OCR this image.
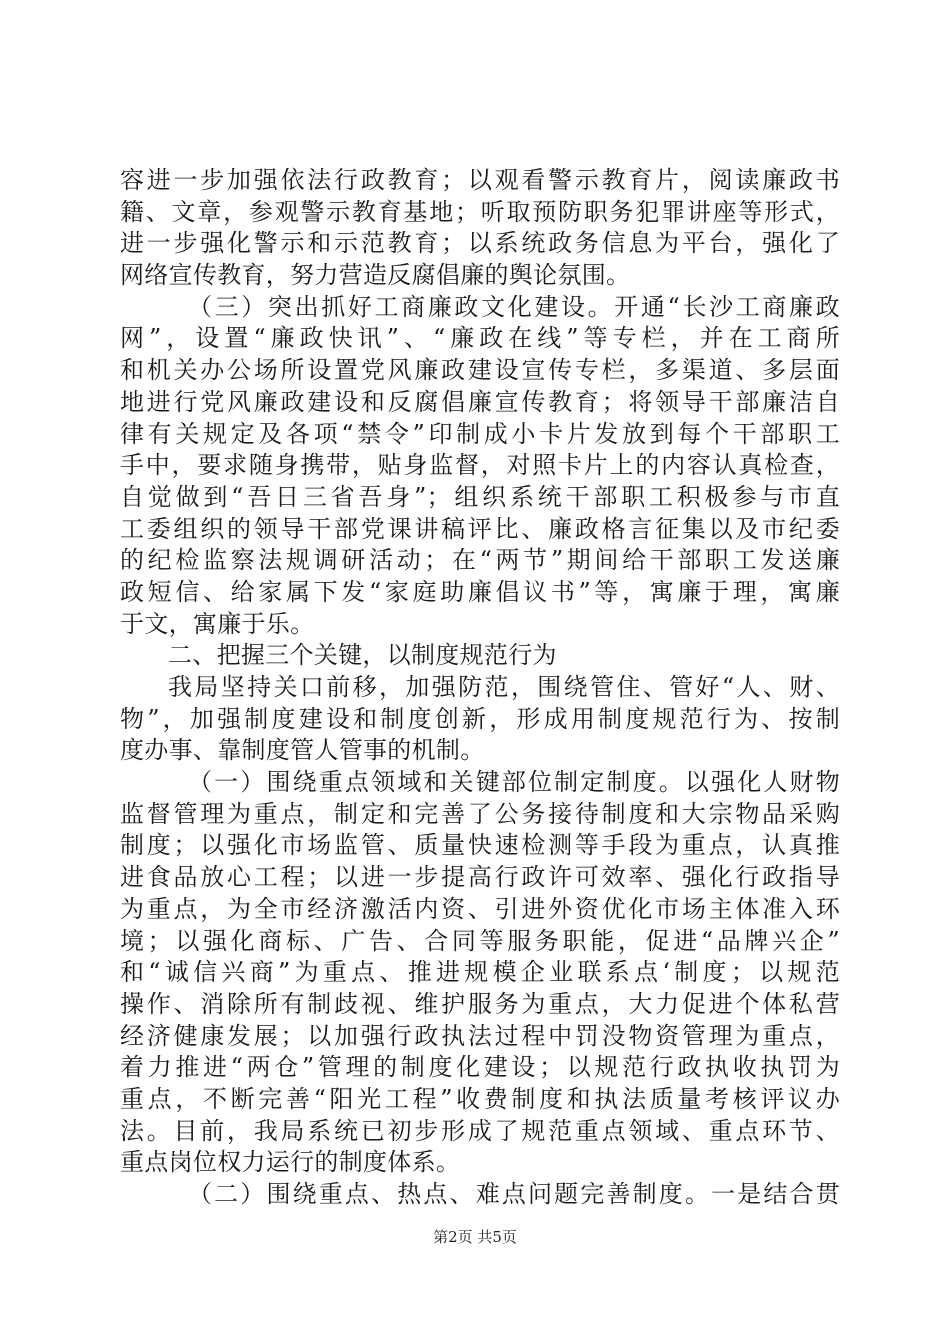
容进一步加强依法行政教育；以观看警示教育片，阅读廉政书
籍、文章，参观警示教育基地；听取预防职务犯罪讲座等形式，
进一步强化警示和示范教育；以系统政务信息为平台，强化了
网络宣传教育，努力营造反腐倡廉的舆论氛围。
（三）突出抓好工商廉政文化建设。开通“长沙工商廉政
网”，设置“廉政快讯”、“廉政在线”等专栏，并在工商所
和机关办公场所设置党风廉政建设宣传专栏，多渠道、多层面
地进行党风廉政建设和反腐倡廉宣传教育；将领导干部廉洁自
律有关规定及各项“禁令”印制成小卡片发放到每个干部职工
手中，要求随身携带，贴身监督，对照卡片上的内容认真检查，
自觉做到“吾日三省吾身”；组织系统干部职工积极参与市直
工委组织的领导干部党课讲稿评比、廉政格言征集以及市纪委
的纪检监察法规调研活动；在“两节”期间给干部职工发送廉
政短信、给家属下发“家庭助廉倡议书”等，寓廉于理，寓廉
于文，寓廉于乐。
二、把握三个关键，以制度规范行为
我局坚持关口前移，加强防范，围绕管住、管好“人、财、
物”，加强制度建设和制度创新，形成用制度规范行为、按制
度办事、靠制度管人管事的机制。
（一）围绕重点领域和关键部位制定制度。以强化人财物
监督管理为重点，制定和完善了公务接待制度和大宗物品采购
制度；以强化市场监管、质量快速检测等手段为重点，认真推
进食品放心工程；以进一步提高行政许可效率、强化行政指导
为重点，为全市经济激活内资、引进外资优化市场主体准入环
境；以强化商标、广告、合同等服务职能，促进“品牌兴企”
和“诚信兴商”为重点、推进规模企业联系点‘制度；以规范
操作、消除所有制歧视、维护服务为重点，大力促进个体私营
经济健康发展；以加强行政执法过程中罚没物资管理为重点，
着力推进“两仓”管理的制度化建设；以规范行政执收执罚为
重点，不断完善“阳光工程”收费制度和执法质量考核评议办
法。目前，我局系统已初步形成了规范重点领域、重点环节、
重点岗位权力运行的制度体系。
（二）围绕重点、热点、难点问题完善制度。一是结合贯
第2页 共5页
